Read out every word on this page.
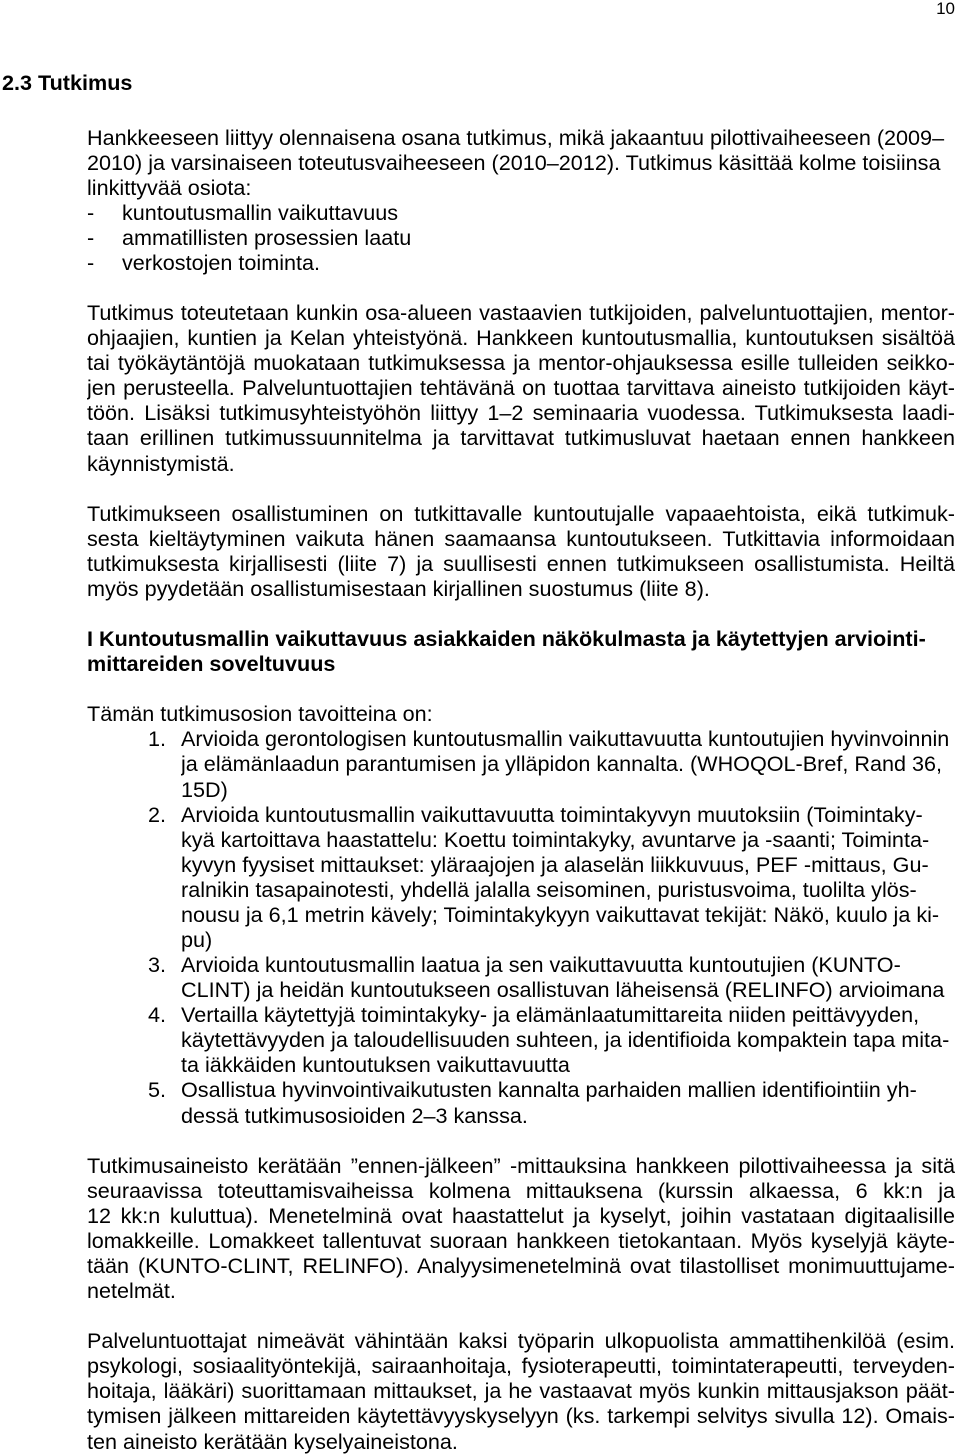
10
2.3 Tutkimus
Hankkeeseen liittyy olennaisena osana tutkimus, mikä jakaantuu pilottivaiheeseen (2009–
2010) ja varsinaiseen toteutusvaiheeseen (2010–2012). Tutkimus käsittää kolme toisiinsa
linkittyvää osiota:
- kuntoutusmallin vaikuttavuus
- ammatillisten prosessien laatu
- verkostojen toiminta.
Tutkimus toteutetaan kunkin osa-alueen vastaavien tutkijoiden, palveluntuottajien, mentor-
ohjaajien, kuntien ja Kelan yhteistyönä. Hankkeen kuntoutusmallia, kuntoutuksen sisältöä
tai työkäytäntöjä muokataan tutkimuksessa ja mentor-ohjauksessa esille tulleiden seikko-
jen perusteella. Palveluntuottajien tehtävänä on tuottaa tarvittava aineisto tutkijoiden käyt-
töön. Lisäksi tutkimusyhteistyöhön liittyy 1–2 seminaaria vuodessa. Tutkimuksesta laadi-
taan erillinen tutkimussuunnitelma ja tarvittavat tutkimusluvat haetaan ennen hankkeen
käynnistymistä.
Tutkimukseen osallistuminen on tutkittavalle kuntoutujalle vapaaehtoista, eikä tutkimuk-
sesta kieltäytyminen vaikuta hänen saamaansa kuntoutukseen. Tutkittavia informoidaan
tutkimuksesta kirjallisesti (liite 7) ja suullisesti ennen tutkimukseen osallistumista. Heiltä
myös pyydetään osallistumisestaan kirjallinen suostumus (liite 8).
I Kuntoutusmallin vaikuttavuus asiakkaiden näkökulmasta ja käytettyjen arviointi-
mittareiden soveltuvuus
Tämän tutkimusosion tavoitteina on:
1. Arvioida gerontologisen kuntoutusmallin vaikuttavuutta kuntoutujien hyvinvoinnin
ja elämänlaadun parantumisen ja ylläpidon kannalta. (WHOQOL-Bref, Rand 36,
15D)
2. Arvioida kuntoutusmallin vaikuttavuutta toimintakyvyn muutoksiin (Toimintaky-
kyä kartoittava haastattelu: Koettu toimintakyky, avuntarve ja -saanti; Toiminta-
kyvyn fyysiset mittaukset: yläraajojen ja alaselän liikkuvuus, PEF -mittaus, Gu-
ralnikin tasapainotesti, yhdellä jalalla seisominen, puristusvoima, tuolilta ylös-
nousu ja 6,1 metrin kävely; Toimintakykyyn vaikuttavat tekijät: Näkö, kuulo ja ki-
pu)
3. Arvioida kuntoutusmallin laatua ja sen vaikuttavuutta kuntoutujien (KUNTO-
CLINT) ja heidän kuntoutukseen osallistuvan läheisensä (RELINFO) arvioimana
4. Vertailla käytettyjä toimintakyky- ja elämänlaatumittareita niiden peittävyyden,
käytettävyyden ja taloudellisuuden suhteen, ja identifioida kompaktein tapa mita-
ta iäkkäiden kuntoutuksen vaikuttavuutta
5. Osallistua hyvinvointivaikutusten kannalta parhaiden mallien identifiointiin yh-
dessä tutkimusosioiden 2–3 kanssa.
Tutkimusaineisto kerätään ”ennen-jälkeen” -mittauksina hankkeen pilottivaiheessa ja sitä
seuraavissa toteuttamisvaiheissa kolmena mittauksena (kurssin alkaessa, 6 kk:n ja
12 kk:n kuluttua). Menetelminä ovat haastattelut ja kyselyt, joihin vastataan digitaalisille
lomakkeille. Lomakkeet tallentuvat suoraan hankkeen tietokantaan. Myös kyselyjä käyte-
tään (KUNTO-CLINT, RELINFO). Analyysimenetelminä ovat tilastolliset monimuuttujame-
netelmät.
Palveluntuottajat nimeävät vähintään kaksi työparin ulkopuolista ammattihenkilöä (esim.
psykologi, sosiaalityöntekijä, sairaanhoitaja, fysioterapeutti, toimintaterapeutti, terveyden-
hoitaja, lääkäri) suorittamaan mittaukset, ja he vastaavat myös kunkin mittausjakson päät-
tymisen jälkeen mittareiden käytettävyyskyselyyn (ks. tarkempi selvitys sivulla 12). Omais-
ten aineisto kerätään kyselyaineistona.
